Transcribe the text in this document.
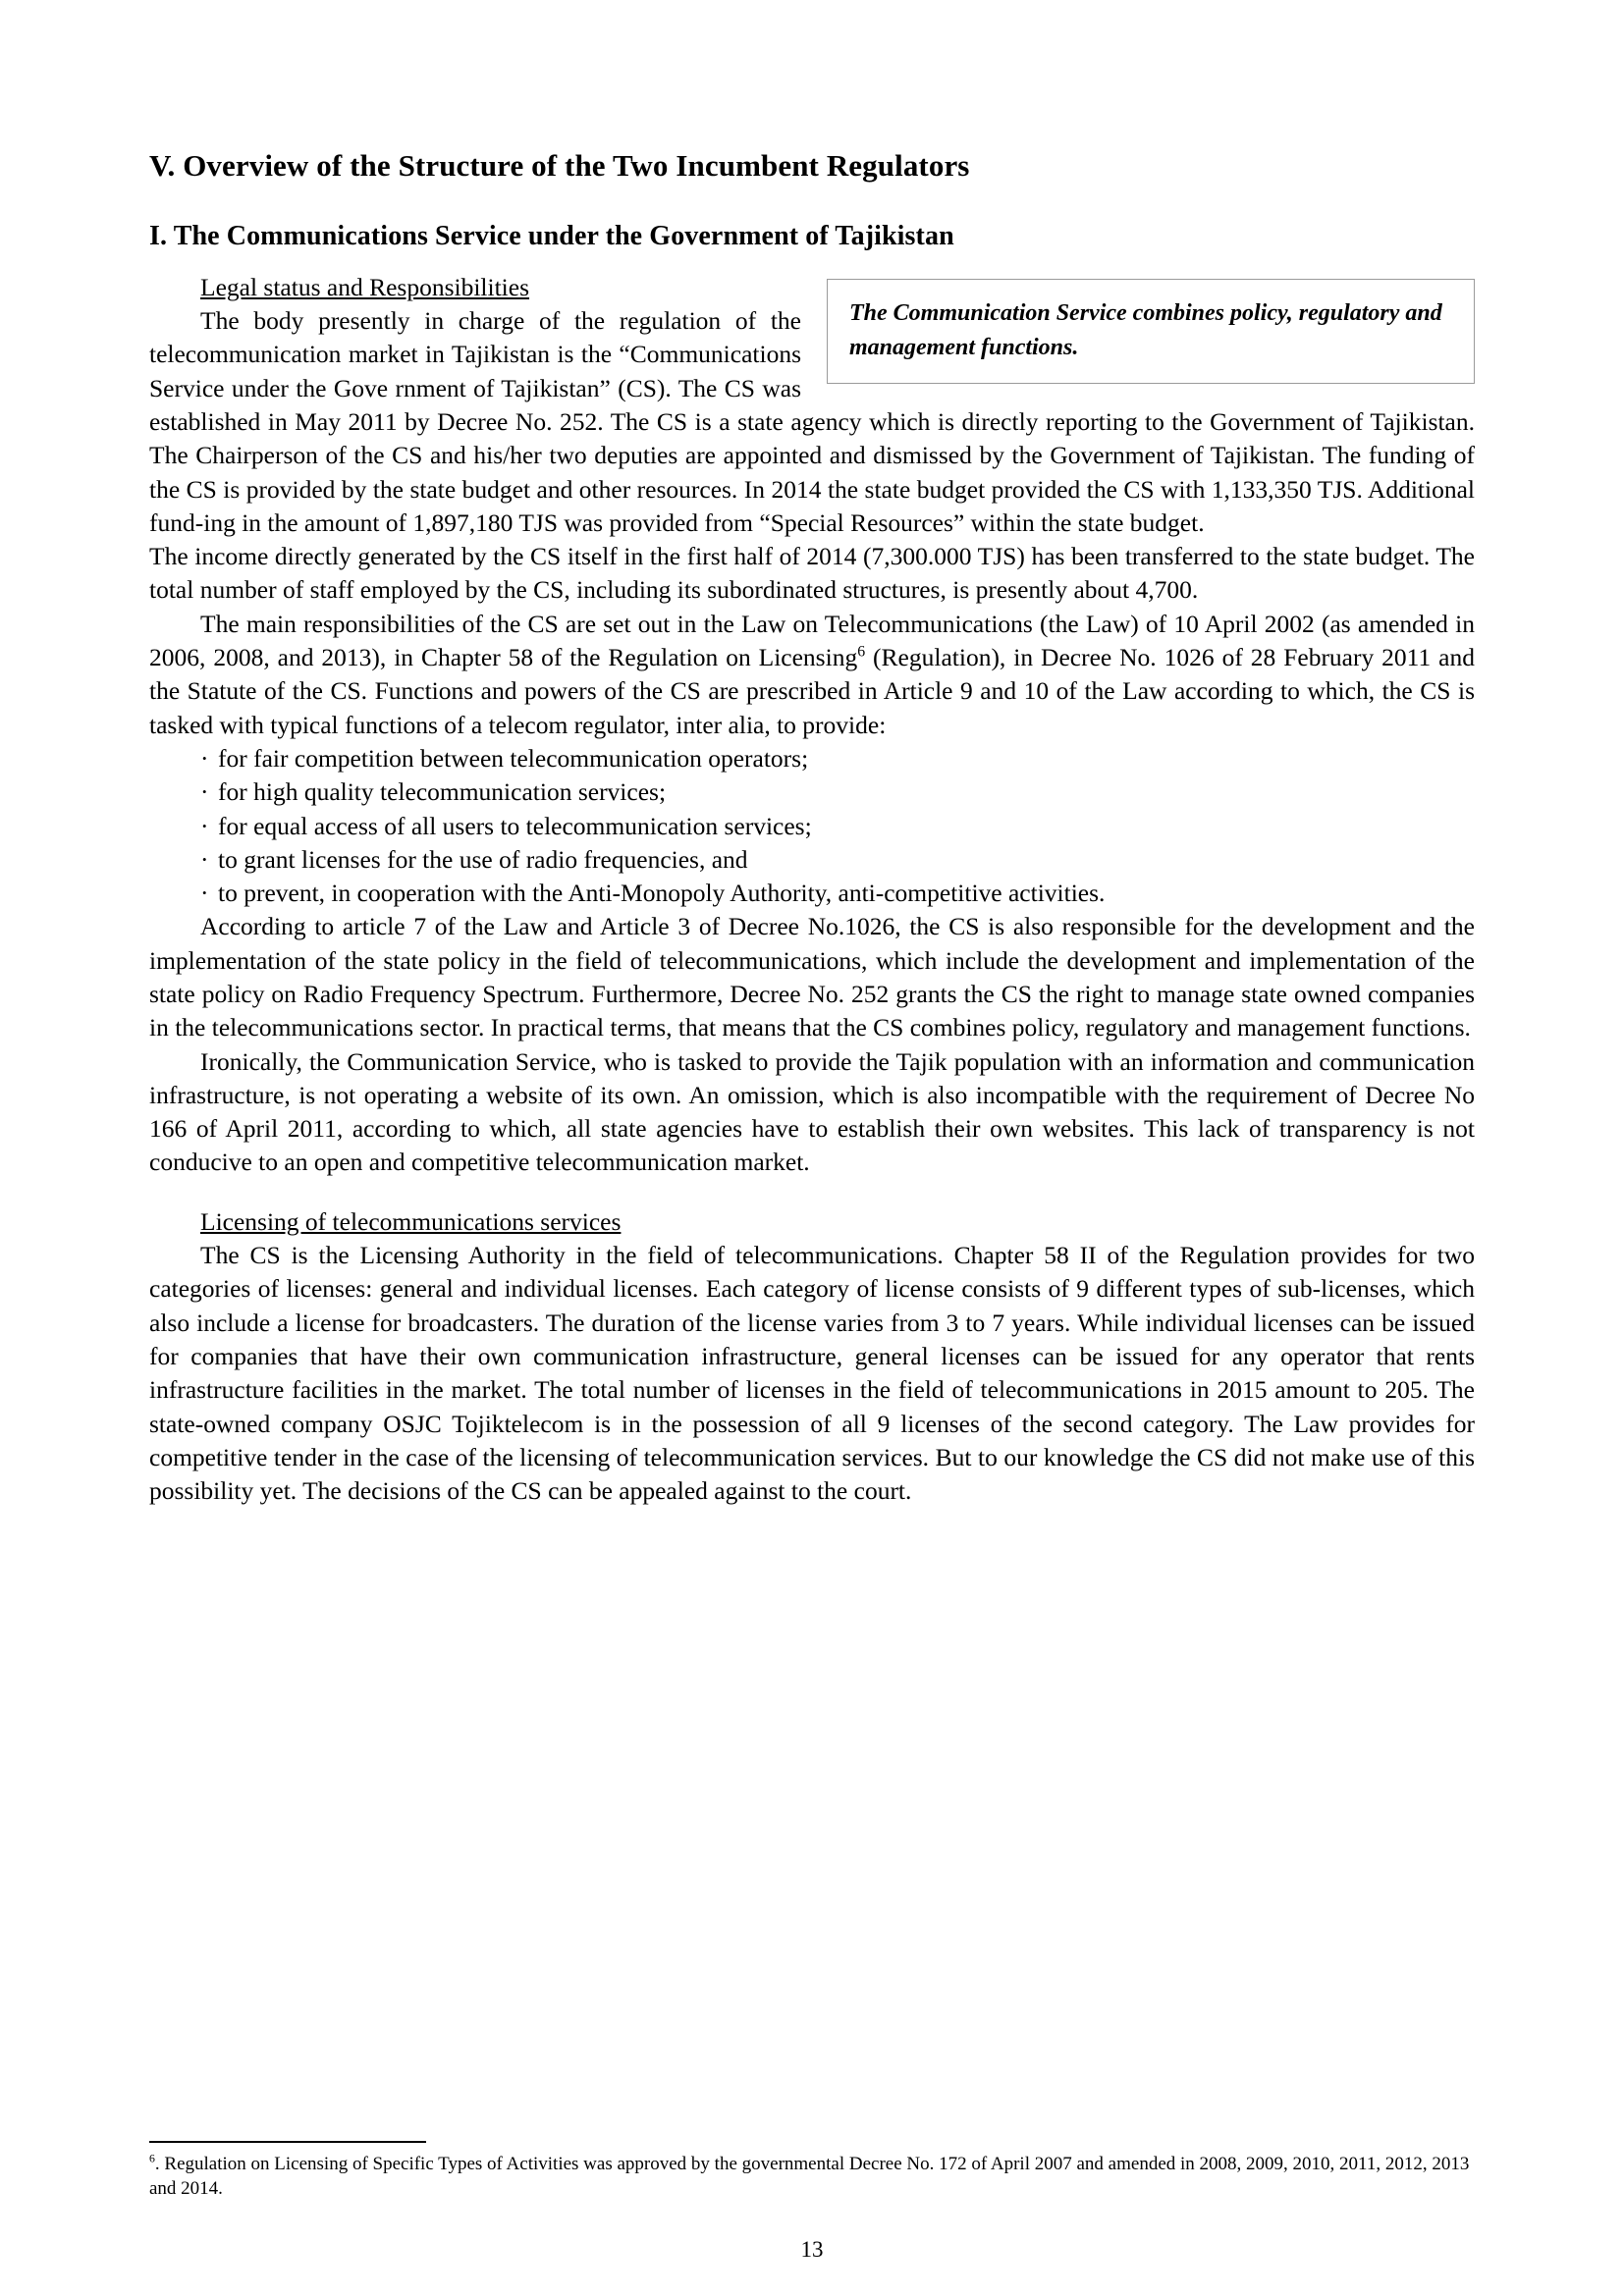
V. Overview of the Structure of the Two Incumbent Regulators
I. The Communications Service under the Government of Tajikistan

The Communication Service combines policy, regulatory and management functions.

Legal status and Responsibilities

The body presently in charge of the regulation of the telecommunication market in Tajikistan is the “Communications Service under the Gove rnment of Tajikistan” (CS). The CS was established in May 2011 by Decree No. 252. The CS is a state agency which is directly reporting to the Government of Tajikistan. The Chairperson of the CS and his/her two deputies are appointed and dismissed by the Government of Tajikistan. The funding of the CS is provided by the state budget and other resources. In 2014 the state budget provided the CS with 1,133,350 TJS. Additional fund-ing in the amount of 1,897,180 TJS was provided from “Special Resources” within the state budget.

The income directly generated by the CS itself in the first half of 2014 (7,300.000 TJS) has been transferred to the state budget. The total number of staff employed by the CS, including its subordinated structures, is presently about 4,700.

The main responsibilities of the CS are set out in the Law on Telecommunications (the Law) of 10 April 2002 (as amended in 2006, 2008, and 2013), in Chapter 58 of the Regulation on Licensing$^6$ (Regulation), in Decree No. 1026 of 28 February 2011 and the Statute of the CS. Functions and powers of the CS are prescribed in Article 9 and 10 of the Law according to which, the CS is tasked with typical functions of a telecom regulator, inter alia, to provide:

· for fair competition between telecommunication operators;
· for high quality telecommunication services;
· for equal access of all users to telecommunication services;
· to grant licenses for the use of radio frequencies, and
· to prevent, in cooperation with the Anti-Monopoly Authority, anti-competitive activities.

According to article 7 of the Law and Article 3 of Decree No.1026, the CS is also responsible for the development and the implementation of the state policy in the field of telecommunications, which include the development and implementation of the state policy on Radio Frequency Spectrum. Furthermore, Decree No. 252 grants the CS the right to manage state owned companies in the telecommunications sector. In practical terms, that means that the CS combines policy, regulatory and management functions.

Ironically, the Communication Service, who is tasked to provide the Tajik population with an information and communication infrastructure, is not operating a website of its own. An omission, which is also incompatible with the requirement of Decree No 166 of April 2011, according to which, all state agencies have to establish their own websites. This lack of transparency is not conducive to an open and competitive telecommunication market.

Licensing of telecommunications services

The CS is the Licensing Authority in the field of telecommunications. Chapter 58 II of the Regulation provides for two categories of licenses: general and individual licenses. Each category of license consists of 9 different types of sub-licenses, which also include a license for broadcasters. The duration of the license varies from 3 to 7 years. While individual licenses can be issued for companies that have their own communication infrastructure, general licenses can be issued for any operator that rents infrastructure facilities in the market. The total number of licenses in the field of telecommunications in 2015 amount to 205. The state-owned company OSJC Tojiktelecom is in the possession of all 9 licenses of the second category. The Law provides for competitive tender in the case of the licensing of telecommunication services. But to our knowledge the CS did not make use of this possibility yet. The decisions of the CS can be appealed against to the court.

$^6$. Regulation on Licensing of Specific Types of Activities was approved by the governmental Decree No. 172 of April 2007 and amended in 2008, 2009, 2010, 2011, 2012, 2013 and 2014.

13
